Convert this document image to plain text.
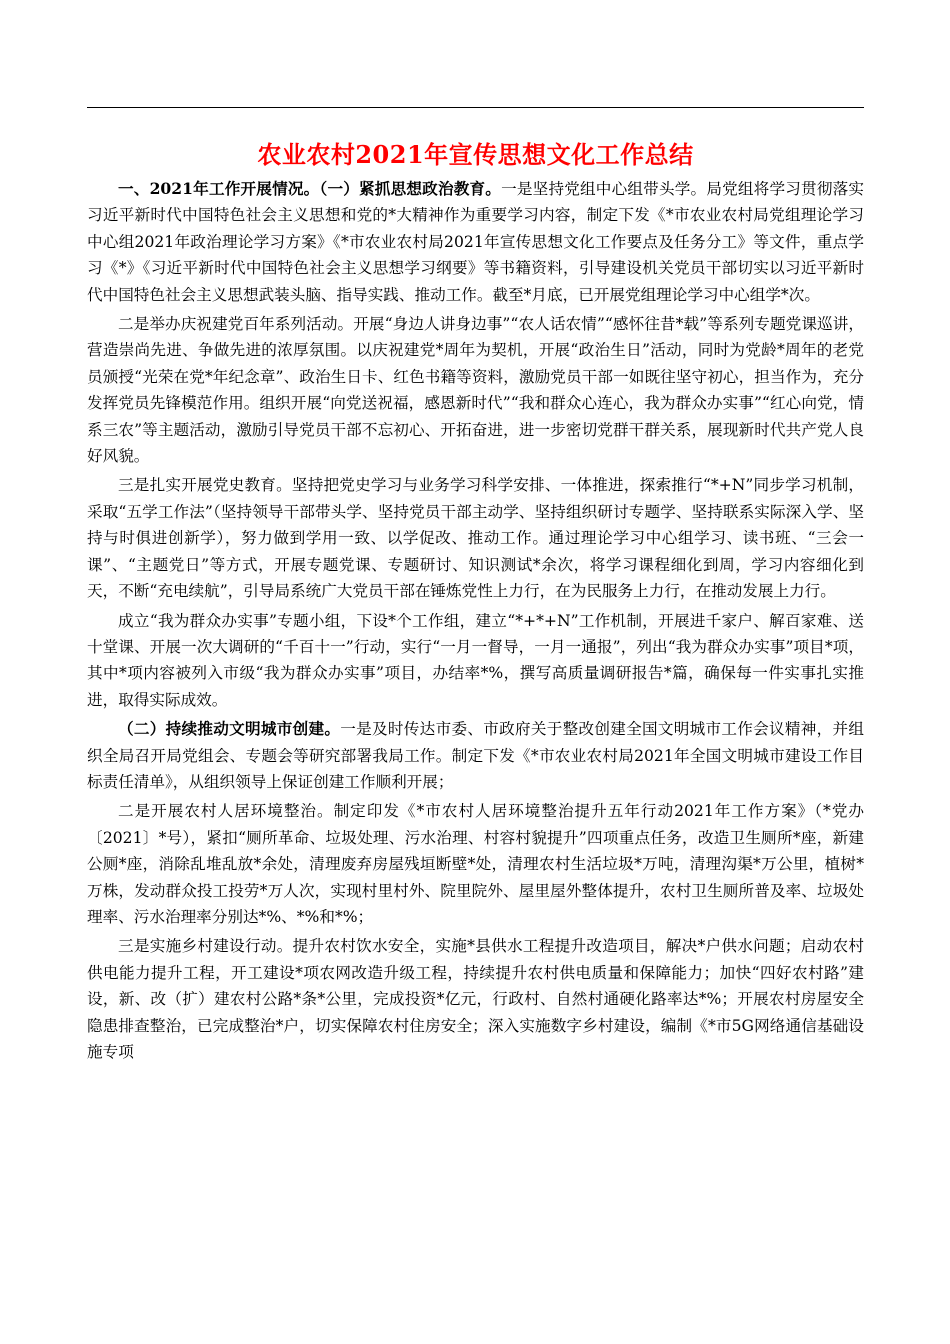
农业农村2021年宣传思想文化工作总结

一、2021年工作开展情况。（一）紧抓思想政治教育。一是坚持党组中心组带头学。局党组将学习贯彻落实习近平新时代中国特色社会主义思想和党的*大精神作为重要学习内容，制定下发《*市农业农村局党组理论学习中心组2021年政治理论学习方案》《*市农业农村局2021年宣传思想文化工作要点及任务分工》等文件，重点学习《*》《习近平新时代中国特色社会主义思想学习纲要》等书籍资料，引导建设机关党员干部切实以习近平新时代中国特色社会主义思想武装头脑、指导实践、推动工作。截至*月底，已开展党组理论学习中心组学*次。

二是举办庆祝建党百年系列活动。开展“身边人讲身边事”“农人话农情”“感怀往昔*载”等系列专题党课巡讲，营造崇尚先进、争做先进的浓厚氛围。以庆祝建党*周年为契机，开展“政治生日”活动，同时为党龄*周年的老党员颁授“光荣在党*年纪念章”、政治生日卡、红色书籍等资料，激励党员干部一如既往坚守初心，担当作为，充分发挥党员先锋模范作用。组织开展“向党送祝福，感恩新时代”“我和群众心连心，我为群众办实事”“红心向党，情系三农”等主题活动，激励引导党员干部不忘初心、开拓奋进，进一步密切党群干群关系，展现新时代共产党人良好风貌。

三是扎实开展党史教育。坚持把党史学习与业务学习科学安排、一体推进，探索推行“*+N”同步学习机制，采取“五学工作法”（坚持领导干部带头学、坚持党员干部主动学、坚持组织研讨专题学、坚持联系实际深入学、坚持与时俱进创新学），努力做到学用一致、以学促改、推动工作。通过理论学习中心组学习、读书班、“三会一课”、“主题党日”等方式，开展专题党课、专题研讨、知识测试*余次，将学习课程细化到周，学习内容细化到天，不断“充电续航”，引导局系统广大党员干部在锤炼党性上力行，在为民服务上力行，在推动发展上力行。

成立“我为群众办实事”专题小组，下设*个工作组，建立“*+*+N”工作机制，开展进千家户、解百家难、送十堂课、开展一次大调研的“千百十一”行动，实行“一月一督导，一月一通报”，列出“我为群众办实事”项目*项，其中*项内容被列入市级“我为群众办实事”项目，办结率*%，撰写高质量调研报告*篇，确保每一件实事扎实推进，取得实际成效。

（二）持续推动文明城市创建。一是及时传达市委、市政府关于整改创建全国文明城市工作会议精神，并组织全局召开局党组会、专题会等研究部署我局工作。制定下发《*市农业农村局2021年全国文明城市建设工作目标责任清单》，从组织领导上保证创建工作顺利开展；

二是开展农村人居环境整治。制定印发《*市农村人居环境整治提升五年行动2021年工作方案》（*党办〔2021〕*号），紧扣“厕所革命、垃圾处理、污水治理、村容村貌提升”四项重点任务，改造卫生厕所*座，新建公厕*座，消除乱堆乱放*余处，清理废弃房屋残垣断壁*处，清理农村生活垃圾*万吨，清理沟渠*万公里，植树*万株，发动群众投工投劳*万人次，实现村里村外、院里院外、屋里屋外整体提升，农村卫生厕所普及率、垃圾处理率、污水治理率分别达*%、*%和*%；

三是实施乡村建设行动。提升农村饮水安全，实施*县供水工程提升改造项目，解决*户供水问题；启动农村供电能力提升工程，开工建设*项农网改造升级工程，持续提升农村供电质量和保障能力；加快“四好农村路”建设，新、改（扩）建农村公路*条*公里，完成投资*亿元，行政村、自然村通硬化路率达*%；开展农村房屋安全隐患排查整治，已完成整治*户，切实保障农村住房安全；深入实施数字乡村建设，编制《*市5G网络通信基础设施专项
